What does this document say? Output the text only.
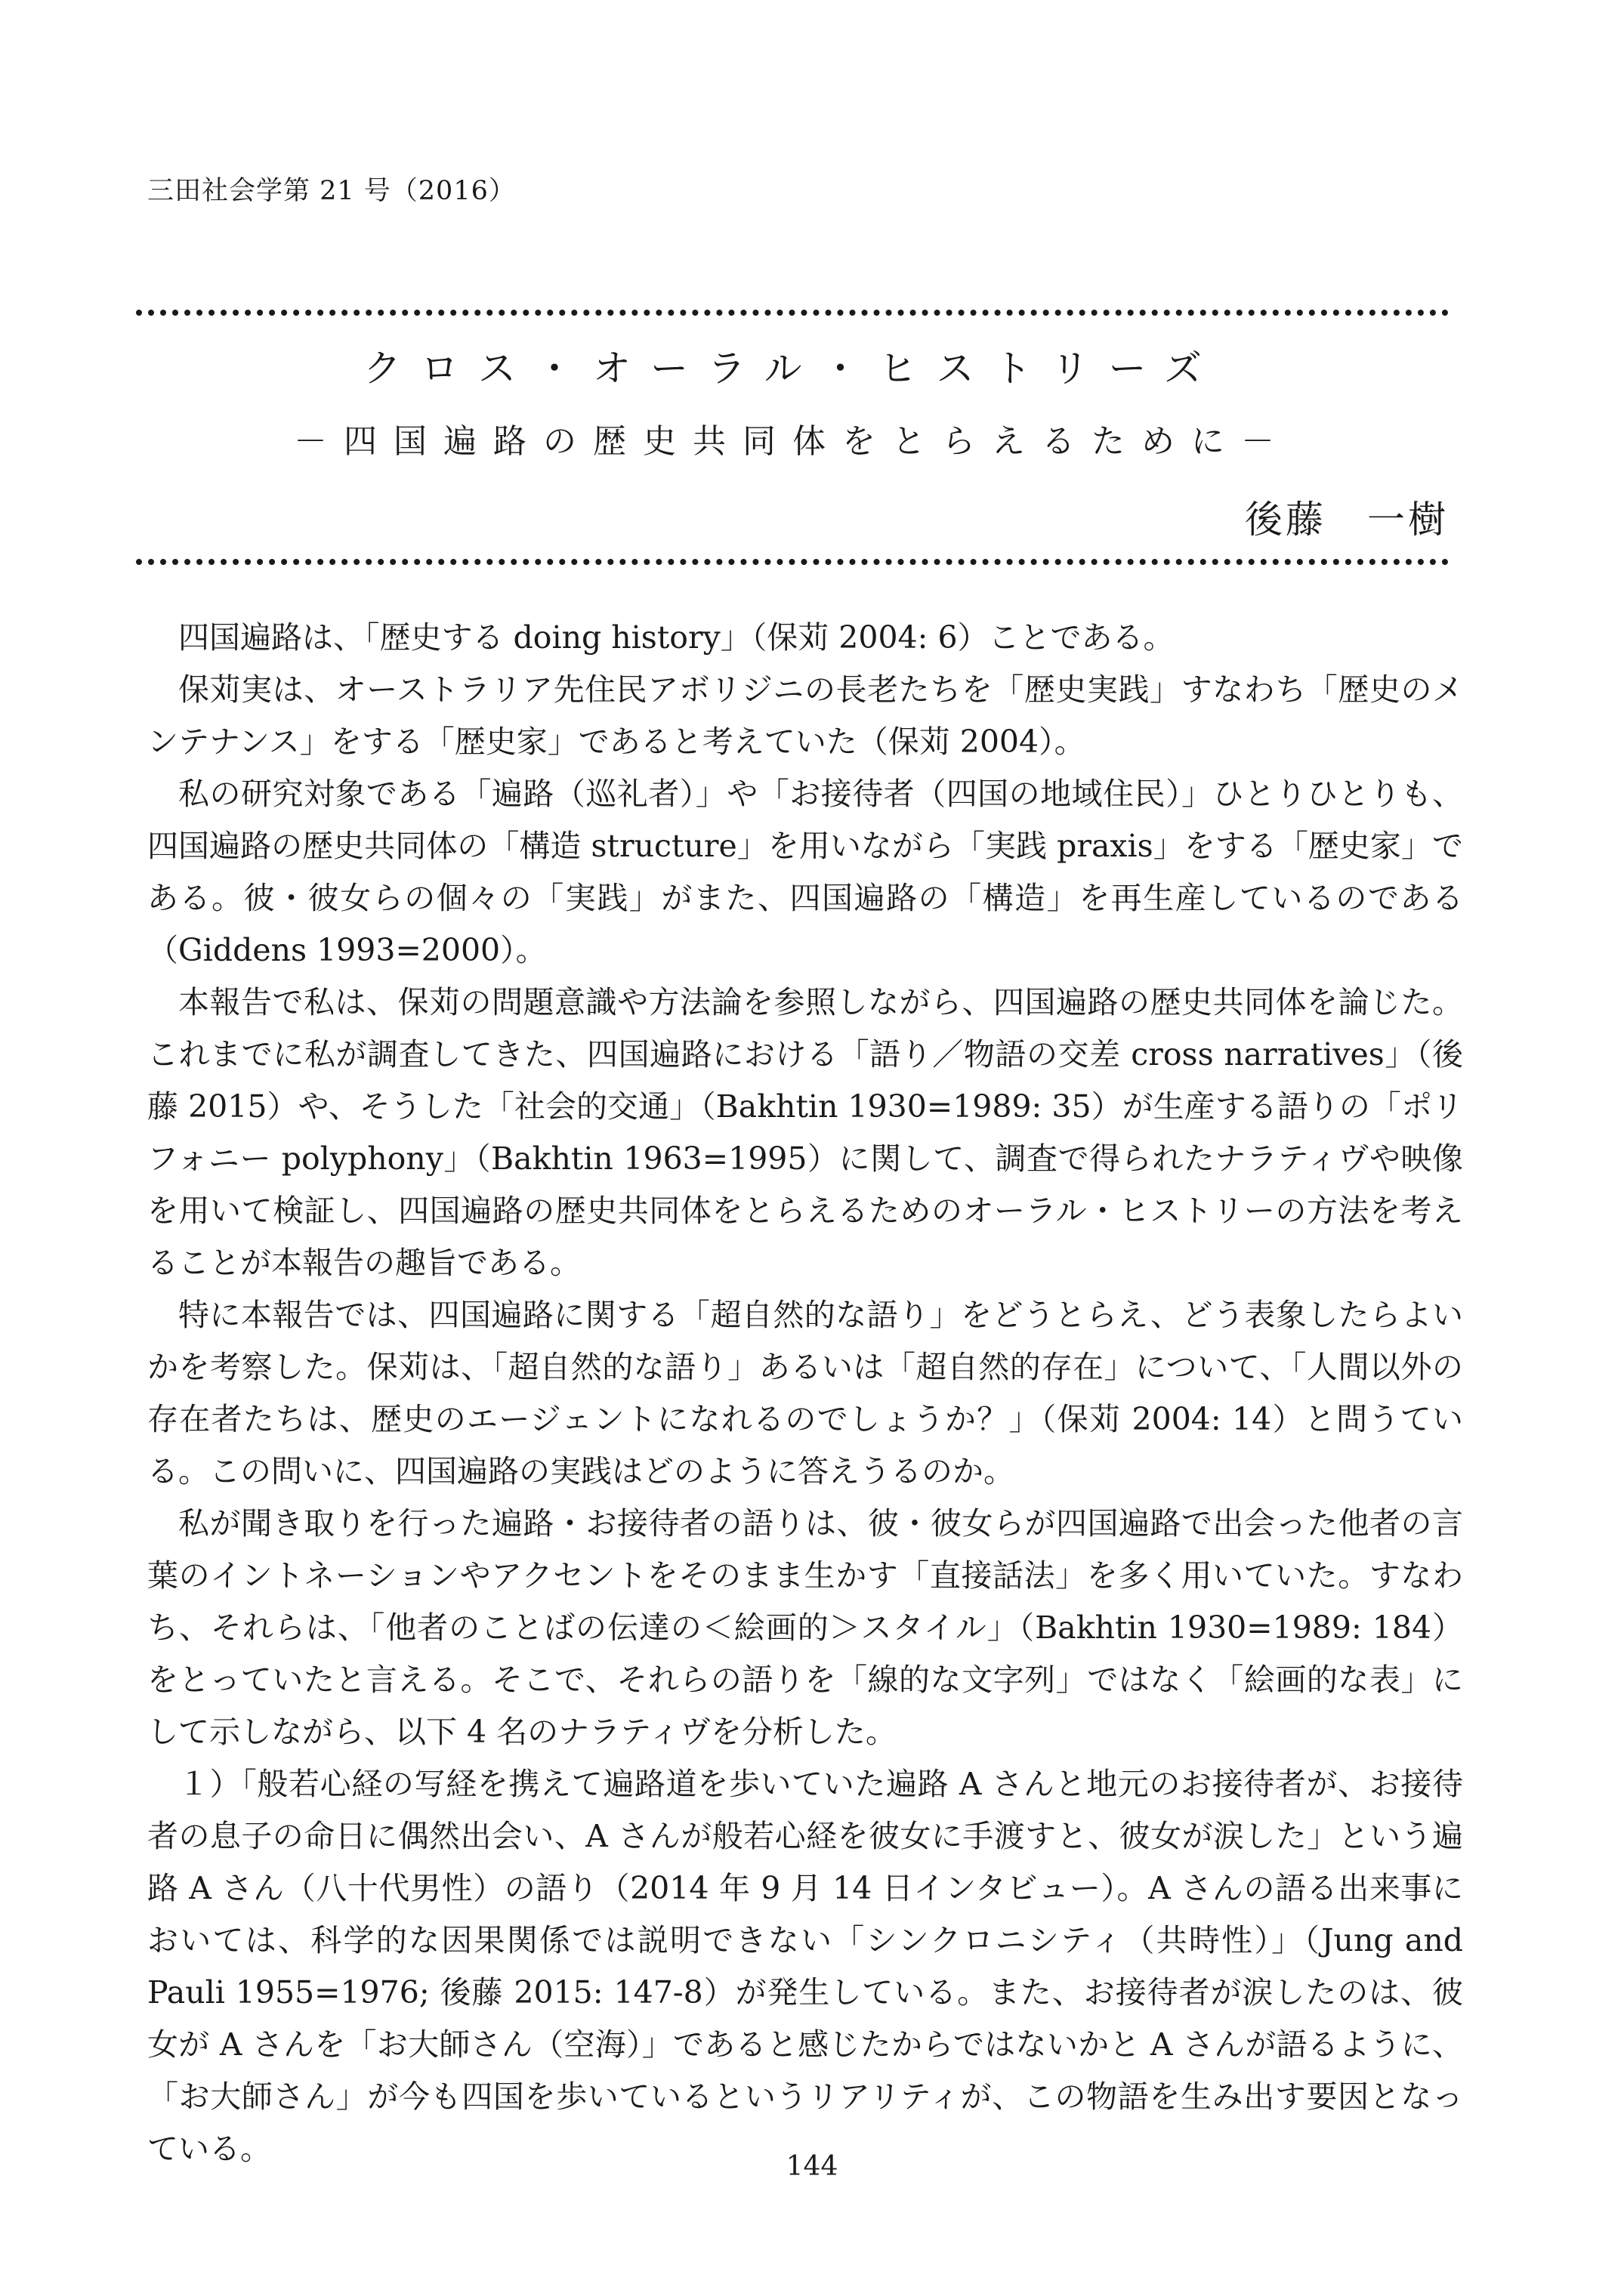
三田社会学第 21 号（2016）
クロス・オーラル・ヒストリーズ
－四国遍路の歴史共同体をとらえるために－
後藤　一樹

四国遍路は、「歴史する doing history」（保苅 2004: 6）ことである。

保苅実は、オーストラリア先住民アボリジニの長老たちを「歴史実践」すなわち「歴史のメンテナンス」をする「歴史家」であると考えていた（保苅 2004）。

私の研究対象である「遍路（巡礼者）」や「お接待者（四国の地域住民）」ひとりひとりも、四国遍路の歴史共同体の「構造 structure」を用いながら「実践 praxis」をする「歴史家」である。彼・彼女らの個々の「実践」がまた、四国遍路の「構造」を再生産しているのである（Giddens 1993=2000）。

本報告で私は、保苅の問題意識や方法論を参照しながら、四国遍路の歴史共同体を論じた。これまでに私が調査してきた、四国遍路における「語り／物語の交差 cross narratives」（後藤 2015）や、そうした「社会的交通」（Bakhtin 1930=1989: 35）が生産する語りの「ポリフォニー polyphony」（Bakhtin 1963=1995）に関して、調査で得られたナラティヴや映像を用いて検証し、四国遍路の歴史共同体をとらえるためのオーラル・ヒストリーの方法を考えることが本報告の趣旨である。

特に本報告では、四国遍路に関する「超自然的な語り」をどうとらえ、どう表象したらよいかを考察した。保苅は、「超自然的な語り」あるいは「超自然的存在」について、「人間以外の存在者たちは、歴史のエージェントになれるのでしょうか？」（保苅 2004: 14）と問うている。この問いに、四国遍路の実践はどのように答えうるのか。

私が聞き取りを行った遍路・お接待者の語りは、彼・彼女らが四国遍路で出会った他者の言葉のイントネーションやアクセントをそのまま生かす「直接話法」を多く用いていた。すなわち、それらは、「他者のことばの伝達の＜絵画的＞スタイル」（Bakhtin 1930=1989: 184）をとっていたと言える。そこで、それらの語りを「線的な文字列」ではなく「絵画的な表」にして示しながら、以下 4 名のナラティヴを分析した。

１）「般若心経の写経を携えて遍路道を歩いていた遍路 A さんと地元のお接待者が、お接待者の息子の命日に偶然出会い、A さんが般若心経を彼女に手渡すと、彼女が涙した」という遍路 A さん（八十代男性）の語り（2014 年 9 月 14 日インタビュー）。A さんの語る出来事においては、科学的な因果関係では説明できない「シンクロニシティ（共時性）」（Jung and Pauli 1955=1976; 後藤 2015: 147-8）が発生している。また、お接待者が涙したのは、彼女が A さんを「お大師さん（空海）」であると感じたからではないかと A さんが語るように、「お大師さん」が今も四国を歩いているというリアリティが、この物語を生み出す要因となっている。	144
